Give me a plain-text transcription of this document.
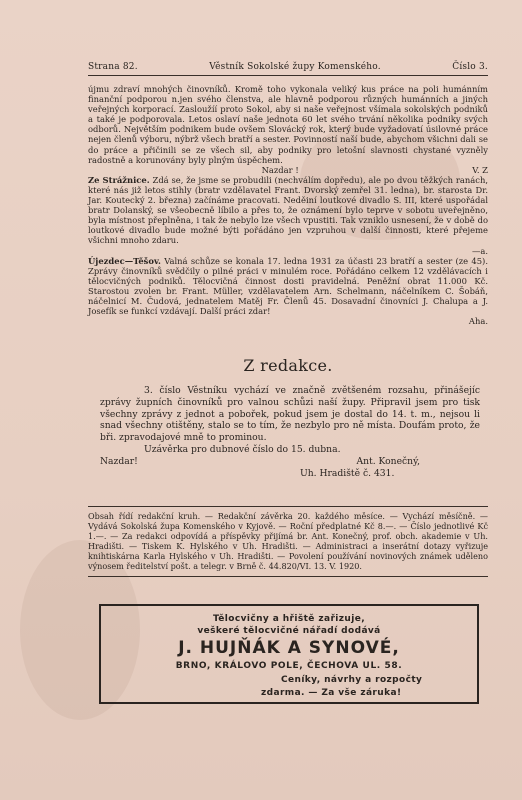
Strana 82.	Věstník Sokolské župy Komenského.	Číslo 3.

újmu zdraví mnohých činovníků. Kromě toho vykonala veliký kus práce na poli humánním finanční podporou n.jen svého členstva, ale hlavně podporou různých humánních a jiných veřejných korporací. Zasloužíí proto Sokol, aby si naše veřejnost všímala sokolských podniků a také je podporovala. Letos oslaví naše jednota 60 let svého trvání několika podniky svých odborů. Největším podnikem bude ovšem Slovácký rok, který bude vyžadovatí úsilovné práce nejen členů výboru, nýbrž všech bratří a sester. Povinností naší bude, abychom všichni dali se do práce a přičinili se ze všech sil, aby podniky pro letošní slavnosti chystané vyzněly radostně a korunovány byly plným úspěchem.

Nazdar !	V. Z

Ze Strážnice. Zdá se, že jsme se probudili (nechválím dopředu), ale po dvou těžkých ranách, které nás již letos stihly (bratr vzdělavatel Frant. Dvorský zemřel 31. ledna), br. starosta Dr. Jar. Koutecký 2. března) začínáme pracovati. Neděiní loutkové divadlo S. III, které uspořádal bratr Dolanský, se všeobecně líbilo a přes to, že oznámení bylo teprve v sobotu uveřejněno, byla místnost přeplněna, i tak že nebylo lze všech vpustiti. Tak vzniklo usnesení, že v době do loutkové divadlo bude možné býti pořádáno jen vzpruhou v další činnosti, které přejeme všichni mnoho zdaru.

—a.

Újezdec—Těšov. Valná schůze se konala 17. ledna 1931 za účasti 23 bratří a sester (ze 45). Zprávy činovníků svědčily o pilné práci v minulém roce. Pořádáno celkem 12 vzdělávacích i tělocvičných podniků. Tělocvičná činnost dosti pravidelná. Peněžní obrat 11.000 Kč. Starostou zvolen br. Frant. Müller, vzdělavatelem Arn. Schelmann, náčelníkem C. Šobáň, náčelnicí M. Čudová, jednatelem Matěj Fr. Členů 45. Dosavadní činovníci J. Chalupa a J. Josefík se funkcí vzdávají. Další práci zdar!

Aha.
Z redakce.

3. číslo Věstníku vychází ve značně zvětšeném rozsahu, přinášejíc zprávy župních činovníků pro valnou schůzi naší župy. Připravil jsem pro tisk všechny zprávy z jednot a pobořek, pokud jsem je dostal do 14. t. m., nejsou li snad všechny otištěny, stalo se to tím, že nezbylo pro ně místa. Doufám proto, že bři. zpravodajové mně to prominou.

Uzávěrka pro dubnové číslo do 15. dubna.

Nazdar!	Ant. Konečný,
Uh. Hradiště č. 431.
Obsah řídí redakční kruh. — Redakční závěrka 20. každého měsíce. — Vychází měsíčně. — Vydává Sokolská župa Komenského v Kyjově. — Roční předplatné Kč 8.—. — Číslo jednotlivé Kč 1.—. — Za redakci odpovídá a příspěvky přijímá br. Ant. Konečný, prof. obch. akademie v Uh. Hradišti. — Tiskem K. Hylského v Uh. Hradišti. — Administraci a inserátní dotazy vyřizuje knihtiskárna Karla Hylského v Uh. Hradišti. — Povolení používání novinových známek uděleno výnosem ředitelství pošt. a telegr. v Brně č. 44.820/VI. 13. V. 1920.
Tělocvičny a hřiště zařizuje,
veškeré tělocvičné nářadí dodává
J. HUJŇÁK A SYNOVÉ,
BRNO, KRÁLOVO POLE, ČECHOVA UL. 58.
Ceníky, návrhy a rozpočty
zdarma. — Za vše záruka!
